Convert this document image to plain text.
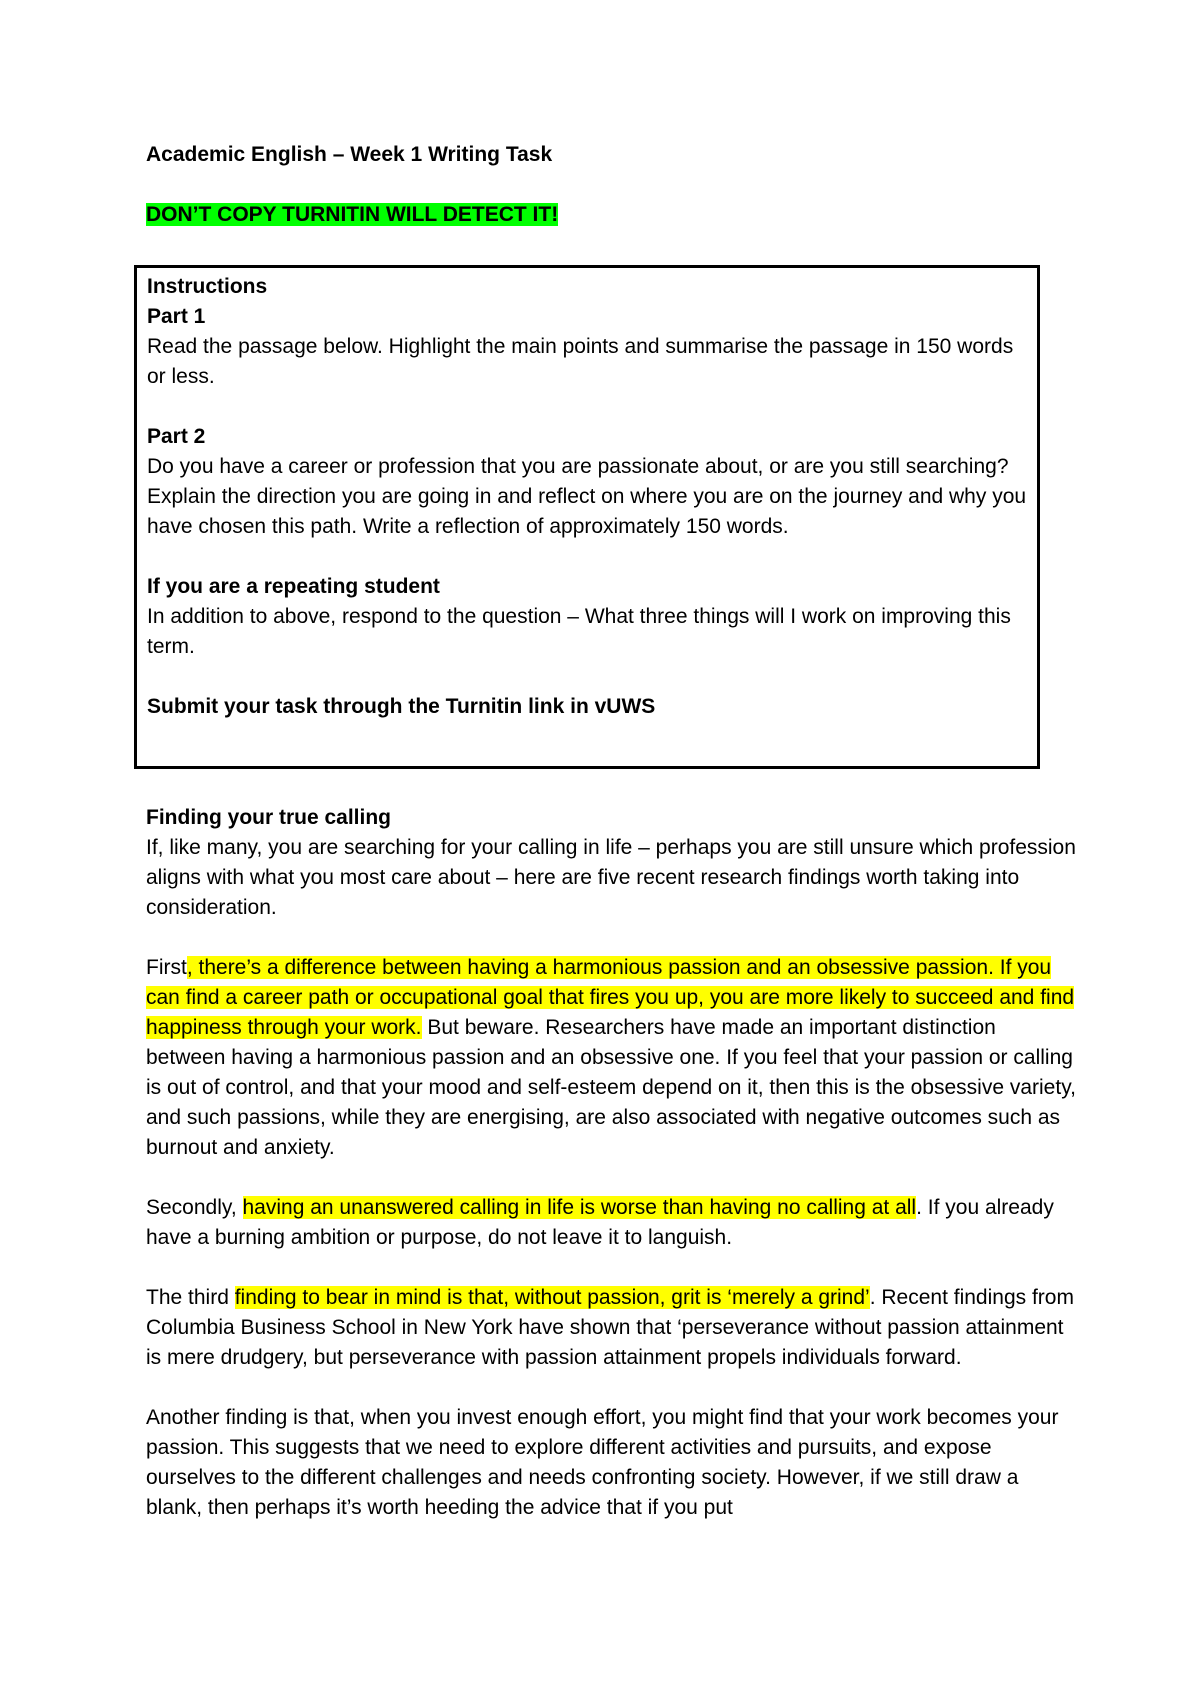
Academic English – Week 1 Writing Task

DON’T COPY TURNITIN WILL DETECT IT!

Instructions

Part 1

Read the passage below. Highlight the main points and summarise the passage in 150 words or less.

Part 2

Do you have a career or profession that you are passionate about, or are you still searching? Explain the direction you are going in and reflect on where you are on the journey and why you have chosen this path. Write a reflection of approximately 150 words.

If you are a repeating student

In addition to above, respond to the question – What three things will I work on improving this term.

Submit your task through the Turnitin link in vUWS

Finding your true calling

If, like many, you are searching for your calling in life – perhaps you are still unsure which profession aligns with what you most care about – here are five recent research findings worth taking into consideration.

First, there’s a difference between having a harmonious passion and an obsessive passion. If you can find a career path or occupational goal that fires you up, you are more likely to succeed and find happiness through your work. But beware. Researchers have made an important distinction between having a harmonious passion and an obsessive one. If you feel that your passion or calling is out of control, and that your mood and self-esteem depend on it, then this is the obsessive variety, and such passions, while they are energising, are also associated with negative outcomes such as burnout and anxiety.

Secondly, having an unanswered calling in life is worse than having no calling at all. If you already have a burning ambition or purpose, do not leave it to languish.

The third finding to bear in mind is that, without passion, grit is ‘merely a grind’. Recent findings from Columbia Business School in New York have shown that ‘perseverance without passion attainment is mere drudgery, but perseverance with passion attainment propels individuals forward.

Another finding is that, when you invest enough effort, you might find that your work becomes your passion. This suggests that we need to explore different activities and pursuits, and expose ourselves to the different challenges and needs confronting society. However, if we still draw a blank, then perhaps it’s worth heeding the advice that if you put
